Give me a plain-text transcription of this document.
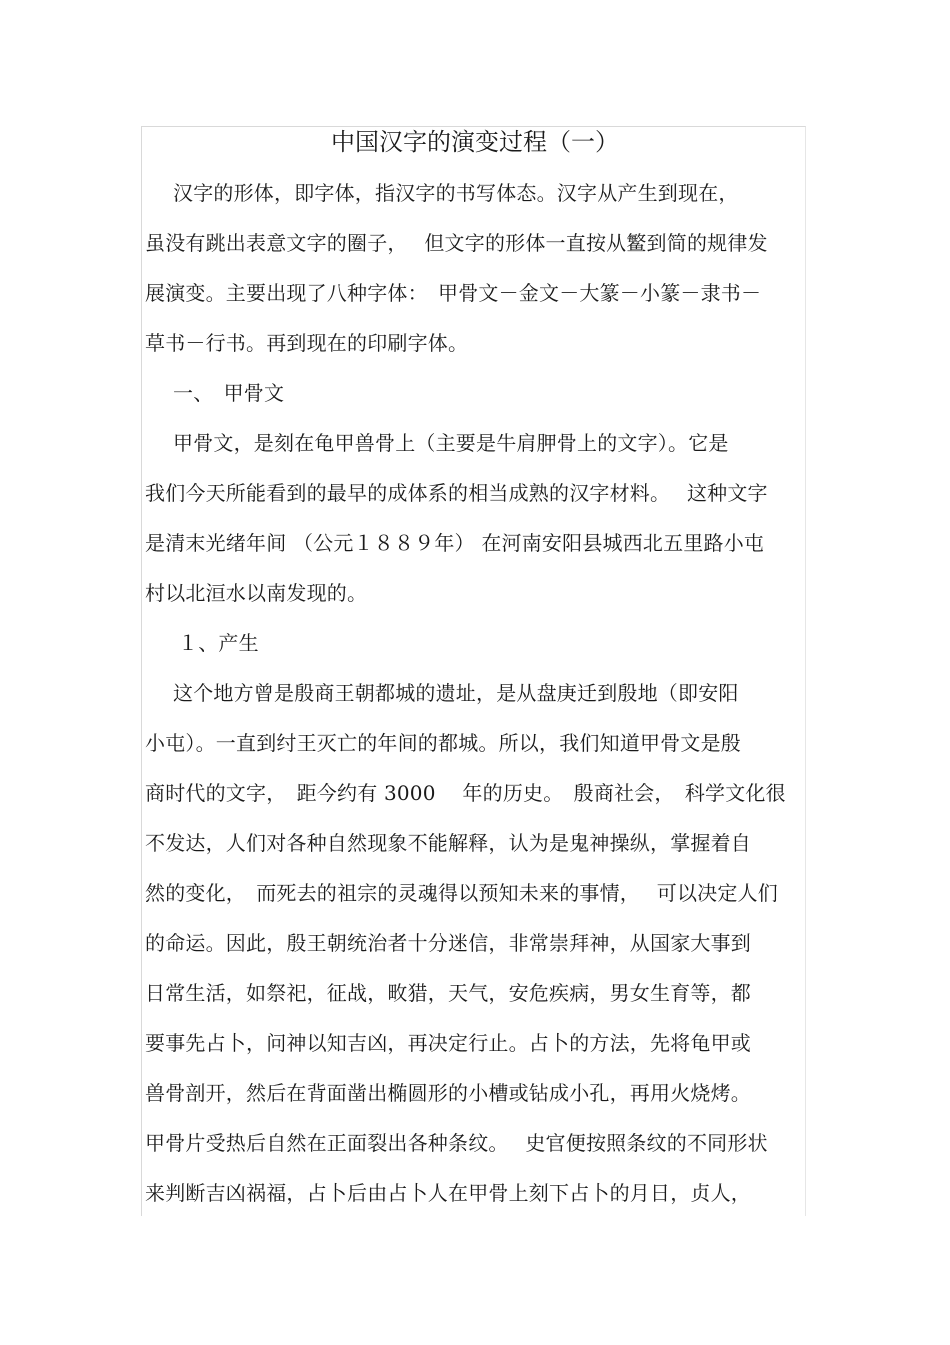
中国汉字的演变过程（一）
汉字的形体，即字体，指汉字的书写体态。汉字从产生到现在，
虽没有跳出表意文字的圈子，　 但文字的形体一直按从鳘到简的规律发
展演变。主要出现了八种字体：　甲骨文－金文－大篆－小篆－隶书－
草书－行书。再到现在的印刷字体。
一、　甲骨文
甲骨文，是刻在龟甲兽骨上（主要是牛肩胛骨上的文字）。它是
我们今天所能看到的最早的成体系的相当成熟的汉字材料。　 这种文字
是清末光绪年间 （公元１８８９年） 在河南安阳县城西北五里路小屯
村以北洹水以南发现的。
１、产生
这个地方曾是殷商王朝都城的遗址，是从盘庚迁到殷地（即安阳
小屯）。一直到纣王灭亡的年间的都城。所以，我们知道甲骨文是殷
商时代的文字，　距今约有 3000　 年的历史。　殷商社会，　科学文化很
不发达，人们对各种自然现象不能解释，认为是鬼神操纵，掌握着自
然的变化，　而死去的祖宗的灵魂得以预知未来的事情，　 可以决定人们
的命运。因此，殷王朝统治者十分迷信，非常崇拜神，从国家大事到
日常生活，如祭祀，征战，畋猎，天气，安危疾病，男女生育等，都
要事先占卜，问神以知吉凶，再决定行止。占卜的方法，先将龟甲或
兽骨剖开，然后在背面凿出椭圆形的小槽或钻成小孔，再用火烧烤。
甲骨片受热后自然在正面裂出各种条纹。　 史官便按照条纹的不同形状
来判断吉凶祸福，占卜后由占卜人在甲骨上刻下占卜的月日，贞人，
